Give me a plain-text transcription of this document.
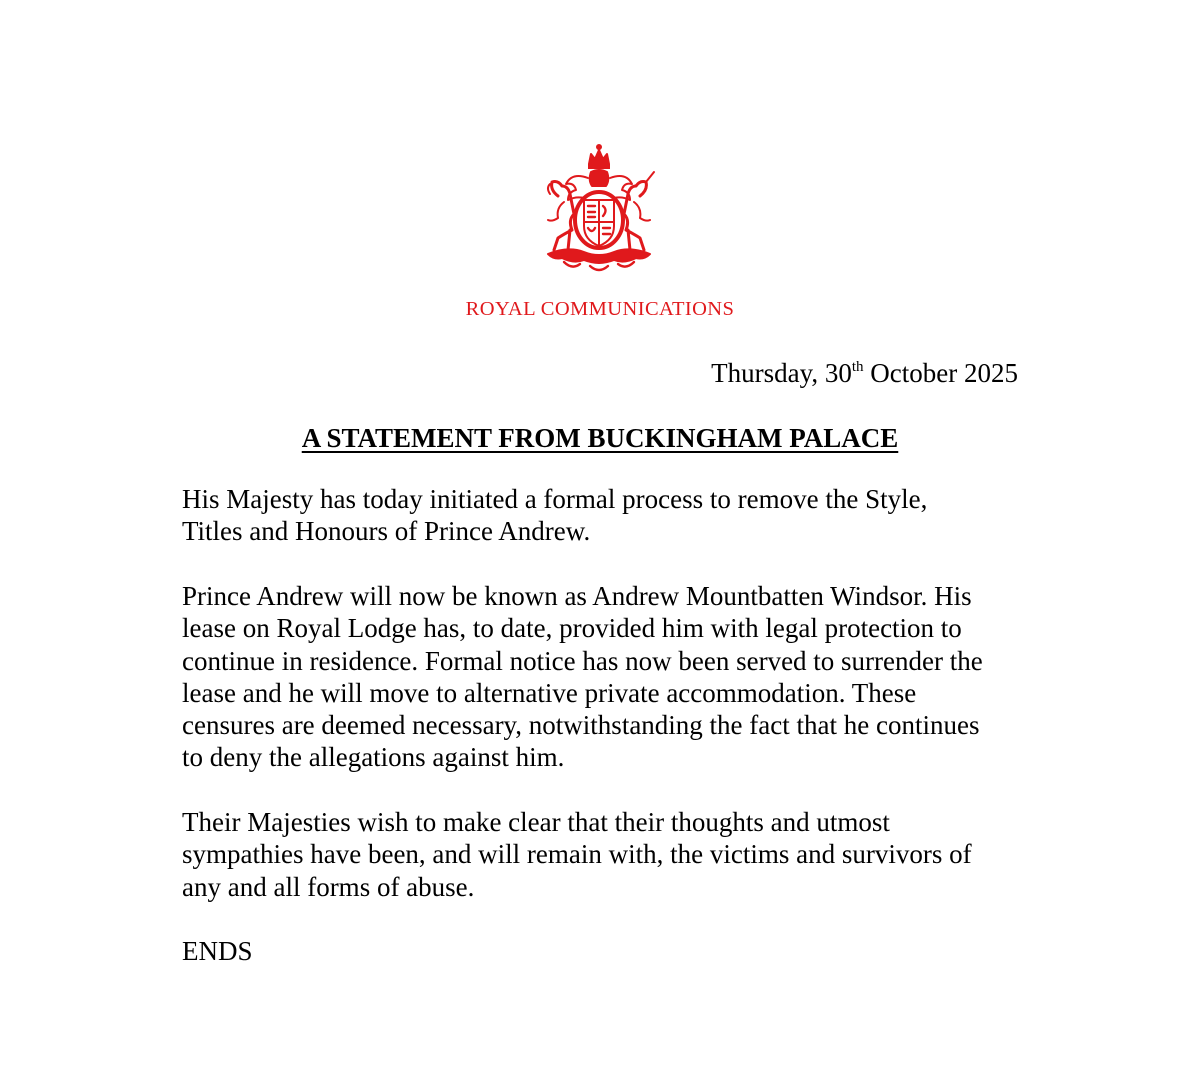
ROYAL COMMUNICATIONS
Thursday, 30th October 2025
A STATEMENT FROM BUCKINGHAM PALACE

His Majesty has today initiated a formal process to remove the Style,
Titles and Honours of Prince Andrew.

Prince Andrew will now be known as Andrew Mountbatten Windsor. His
lease on Royal Lodge has, to date, provided him with legal protection to
continue in residence. Formal notice has now been served to surrender the
lease and he will move to alternative private accommodation. These
censures are deemed necessary, notwithstanding the fact that he continues
to deny the allegations against him.

Their Majesties wish to make clear that their thoughts and utmost
sympathies have been, and will remain with, the victims and survivors of
any and all forms of abuse.

ENDS
